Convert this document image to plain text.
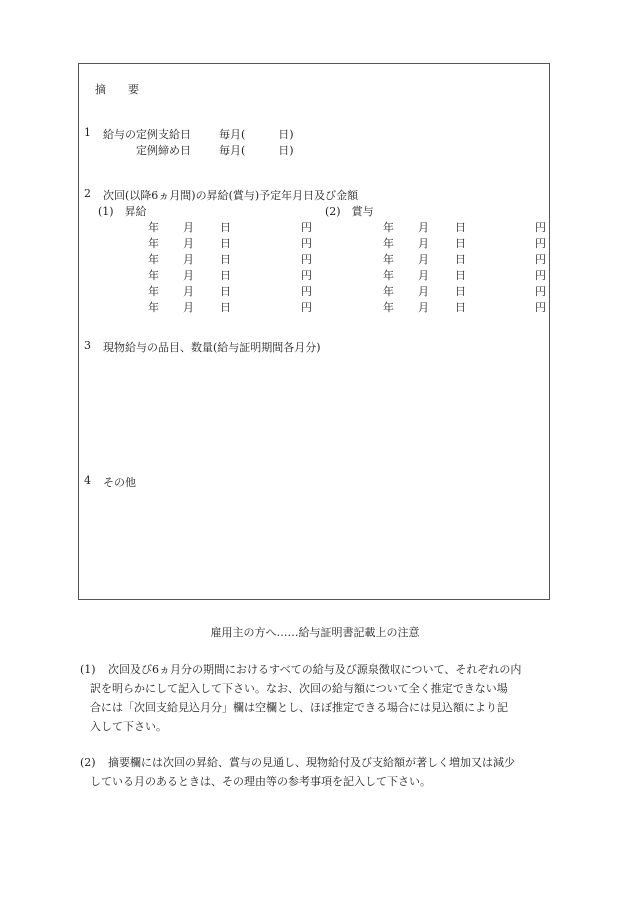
摘　　要
1 給与の定例支給日	毎月(　　　日)
定例締め日	毎月(　　　日)
2 次回(以降6ヵ月間)の昇給(賞与)予定年月日及び金額
(1)　昇給	(2)　賞与
年 月 日	円	年 月 日	円
年 月 日	円	年 月 日	円
年 月 日	円	年 月 日	円
年 月 日	円	年 月 日	円
年 月 日	円	年 月 日	円
年 月 日	円	年 月 日	円
3 現物給与の品目、数量(給与証明期間各月分)
4 その他
雇用主の方へ……給与証明書記載上の注意
(1) 次回及び6ヵ月分の期間におけるすべての給与及び源泉徴収について、それぞれの内
訳を明らかにして記入して下さい。なお、次回の給与額について全く推定できない場
合には「次回支給見込月分」欄は空欄とし、ほぼ推定できる場合には見込額により記
入して下さい。
(2) 摘要欄には次回の昇給、賞与の見通し、現物給付及び支給額が著しく増加又は減少
している月のあるときは、その理由等の参考事項を記入して下さい。
